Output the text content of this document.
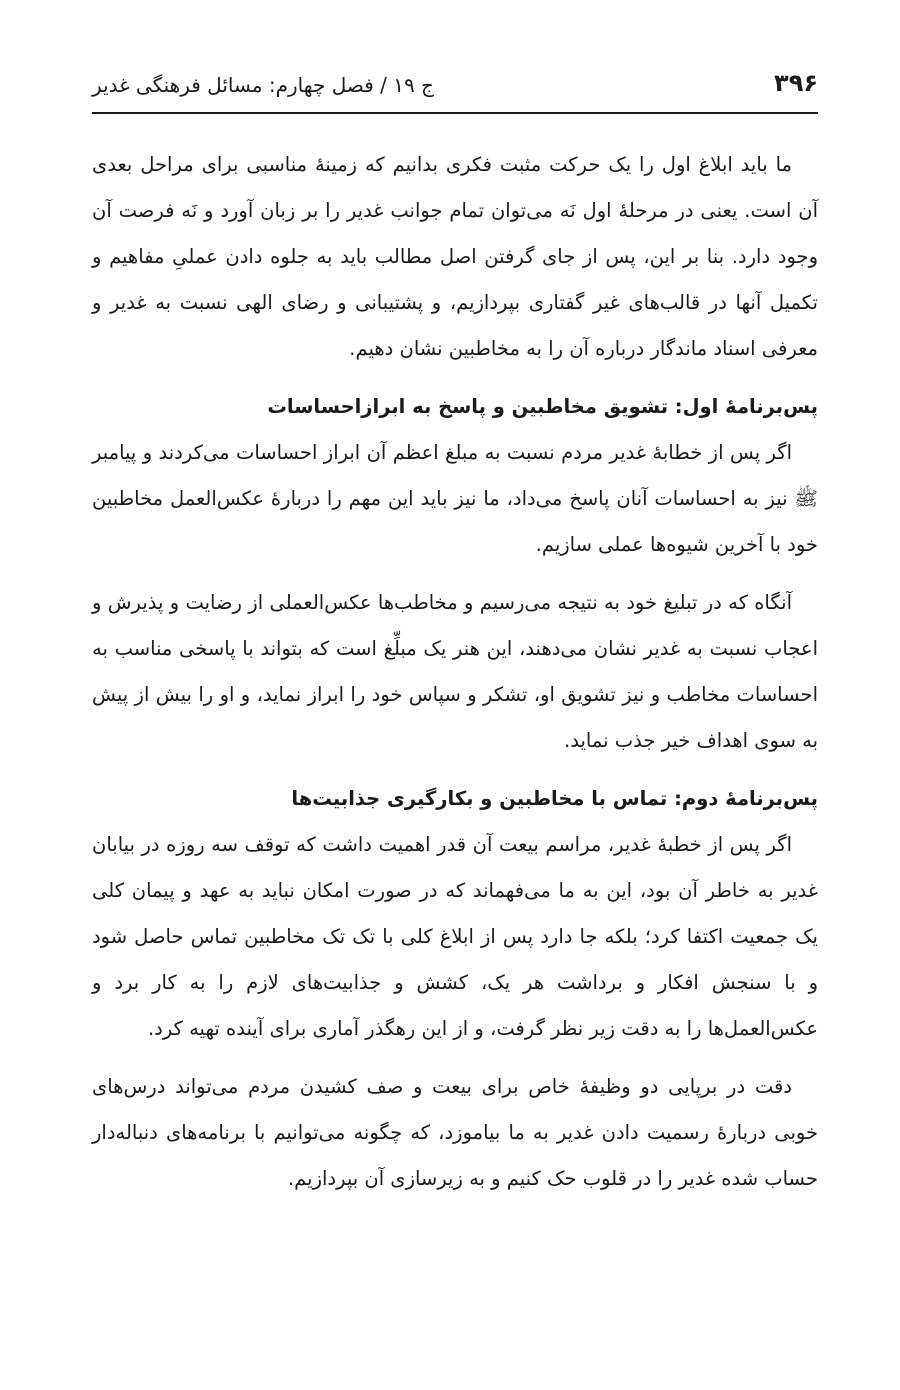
۳۹۶
ج ۱۹ / فصل چهارم: مسائل فرهنگی غدیر

ما باید ابلاغ اول را یک حرکت مثبت فکری بدانیم که زمینهٔ مناسبی برای مراحل بعدی آن است. یعنی در مرحلهٔ اول نَه می‌توان تمام جوانب غدیر را بر زبان آورد و نَه فرصت آن وجود دارد. بنا بر این، پس از جای گرفتن اصل مطالب باید به جلوه دادن عملیِ مفاهیم و تکمیل آنها در قالب‌های غیر گفتاری بپردازیم، و پشتیبانی و رضای الهی نسبت به غدیر و معرفی اسناد ماندگار درباره آن را به مخاطبین نشان دهیم.

پس‌برنامهٔ اول: تشویق مخاطبین و پاسخ به ابرازاحساسات

اگر پس از خطابهٔ غدیر مردم نسبت به مبلغ اعظم آن ابراز احساسات می‌کردند و پیامبر ﷺ نیز به احساسات آنان پاسخ می‌داد، ما نیز باید این مهم را دربارهٔ عکس‌العمل مخاطبین خود با آخرین شیوه‌ها عملی سازیم.

آنگاه که در تبلیغ خود به نتیجه می‌رسیم و مخاطب‌ها عکس‌العملی از رضایت و پذیرش و اعجاب نسبت به غدیر نشان می‌دهند، این هنر یک مبلِّغ است که بتواند با پاسخی مناسب به احساسات مخاطب و نیز تشویق او، تشکر و سپاس خود را ابراز نماید، و او را بیش از پیش به سوی اهداف خیر جذب نماید.

پس‌برنامهٔ دوم: تماس با مخاطبین و بکارگیری جذابیت‌ها

اگر پس از خطبهٔ غدیر، مراسم بیعت آن قدر اهمیت داشت که توقف سه روزه در بیابان غدیر به خاطر آن بود، این به ما می‌فهماند که در صورت امکان نباید به عهد و پیمان کلی یک جمعیت اکتفا کرد؛ بلکه جا دارد پس از ابلاغ کلی با تک تک مخاطبین تماس حاصل شود و با سنجش افکار و برداشت هر یک، کشش و جذابیت‌های لازم را به کار برد و عکس‌العمل‌ها را به دقت زیر نظر گرفت، و از این رهگذر آماری برای آینده تهیه کرد.

دقت در برپایی دو وظیفهٔ خاص برای بیعت و صف کشیدن مردم می‌تواند درس‌های خوبی دربارهٔ رسمیت دادن غدیر به ما بیاموزد، که چگونه می‌توانیم با برنامه‌های دنباله‌دار حساب شده غدیر را در قلوب حک کنیم و به زیرسازی آن بپردازیم.
